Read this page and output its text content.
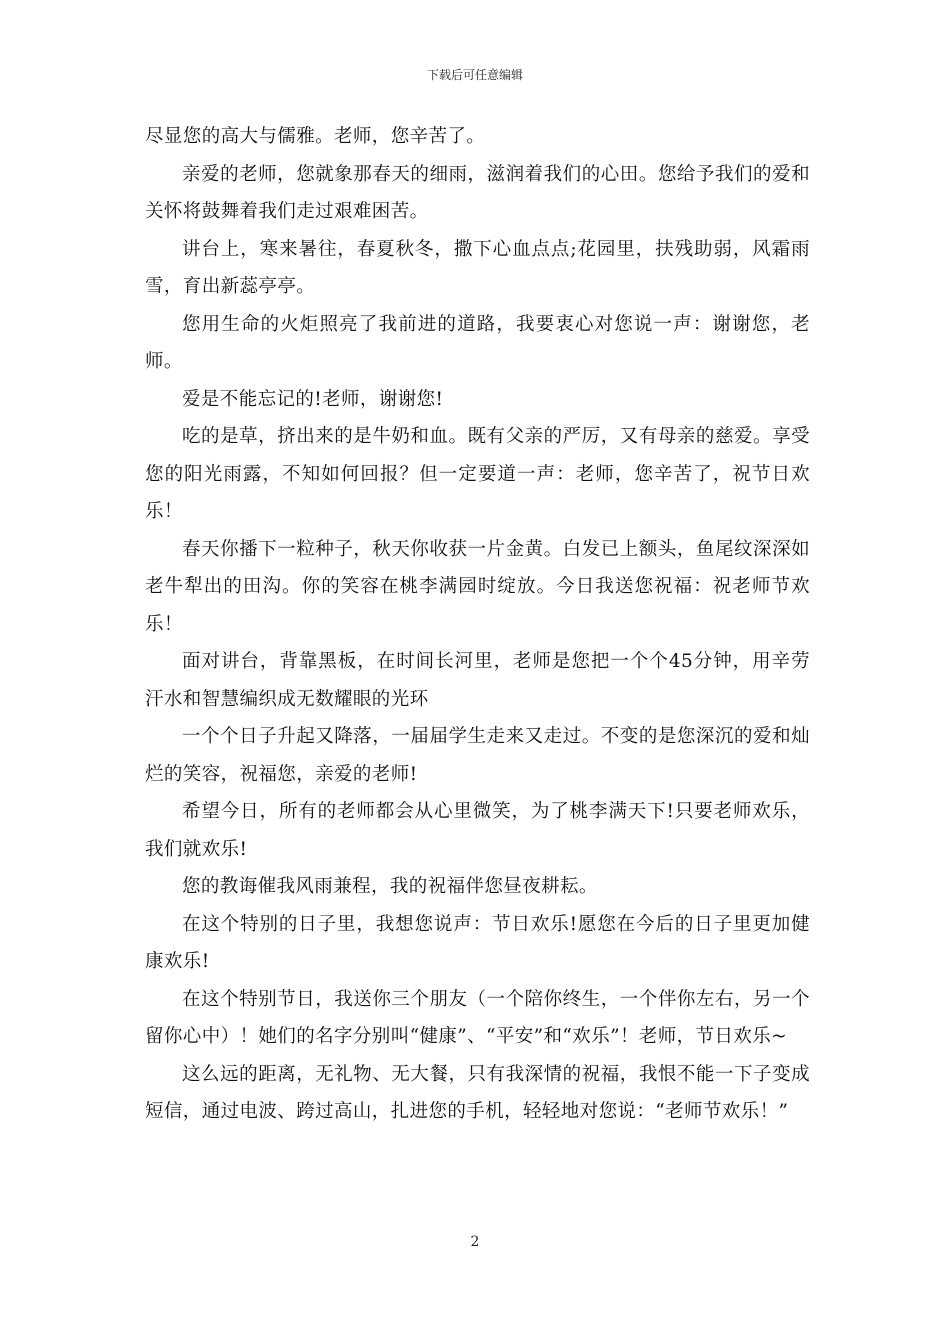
下载后可任意编辑

尽显您的高大与儒雅。老师，您辛苦了。

亲爱的老师，您就象那春天的细雨，滋润着我们的心田。您给予我们的爱和关怀将鼓舞着我们走过艰难困苦。

讲台上，寒来暑往，春夏秋冬，撒下心血点点;花园里，扶残助弱，风霜雨雪，育出新蕊亭亭。

您用生命的火炬照亮了我前进的道路，我要衷心对您说一声：谢谢您，老师。

爱是不能忘记的!老师，谢谢您!

吃的是草，挤出来的是牛奶和血。既有父亲的严厉，又有母亲的慈爱。享受您的阳光雨露，不知如何回报？但一定要道一声：老师，您辛苦了，祝节日欢乐！

春天你播下一粒种子，秋天你收获一片金黄。白发已上额头，鱼尾纹深深如老牛犁出的田沟。你的笑容在桃李满园时绽放。今日我送您祝福：祝老师节欢乐！

面对讲台，背靠黑板，在时间长河里，老师是您把一个个45分钟，用辛劳汗水和智慧编织成无数耀眼的光环

一个个日子升起又降落，一届届学生走来又走过。不变的是您深沉的爱和灿烂的笑容，祝福您，亲爱的老师!

希望今日，所有的老师都会从心里微笑，为了桃李满天下!只要老师欢乐，我们就欢乐!

您的教诲催我风雨兼程，我的祝福伴您昼夜耕耘。

在这个特别的日子里，我想您说声：节日欢乐!愿您在今后的日子里更加健康欢乐!

在这个特别节日，我送你三个朋友（一个陪你终生，一个伴你左右，另一个留你心中）！她们的名字分别叫“健康”、“平安”和“欢乐”！老师，节日欢乐~

这么远的距离，无礼物、无大餐，只有我深情的祝福，我恨不能一下子变成短信，通过电波、跨过高山，扎进您的手机，轻轻地对您说：“老师节欢乐！”

2
